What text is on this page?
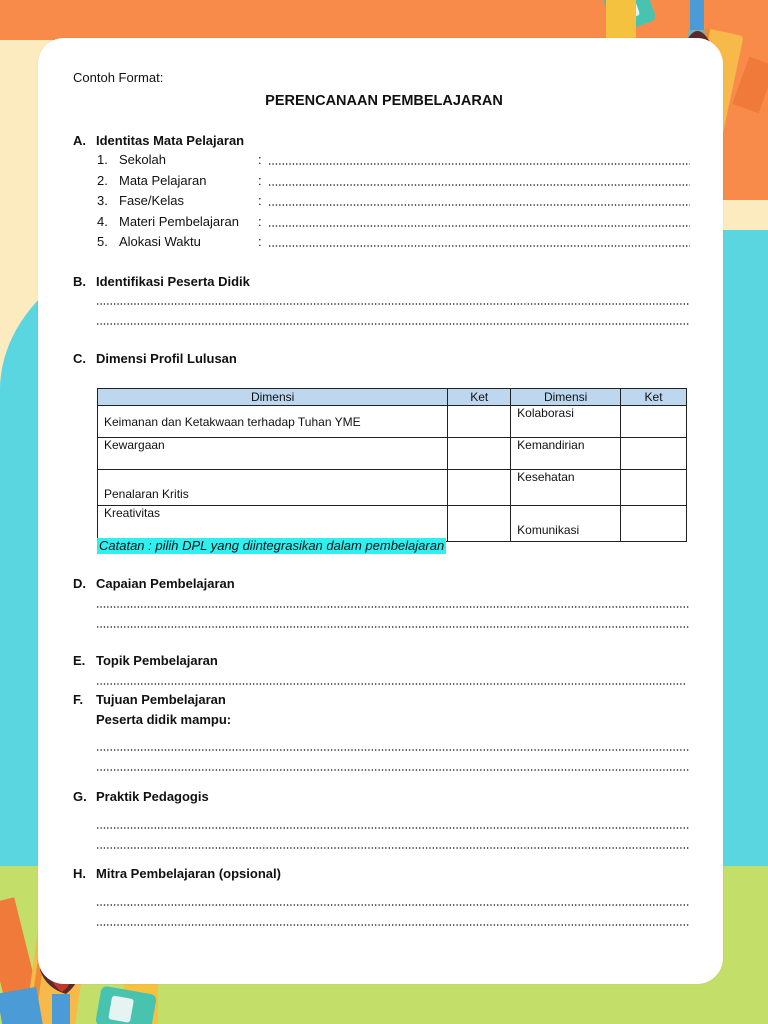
Contoh Format:
PERENCANAAN PEMBELAJARAN
A. Identitas Mata Pelajaran
1. Sekolah	:
2. Mata Pelajaran	:
3. Fase/Kelas	:
4. Materi Pembelajaran :
5. Alokasi Waktu	:
B. Identifikasi Peserta Didik
C. Dimensi Profil Lulusan
Dimensi	Ket	Dimensi	Ket
Keimanan dan Ketakwaan terhadap Tuhan YME		Kolaborasi	
Kewargaan		Kemandirian	
Penalaran Kritis		Kesehatan	
Kreativitas		Komunikasi	
Catatan : pilih DPL yang diintegrasikan dalam pembelajaran
D. Capaian Pembelajaran
E. Topik Pembelajaran
F. Tujuan Pembelajaran
Peserta didik mampu:
G. Praktik Pedagogis
H. Mitra Pembelajaran (opsional)
